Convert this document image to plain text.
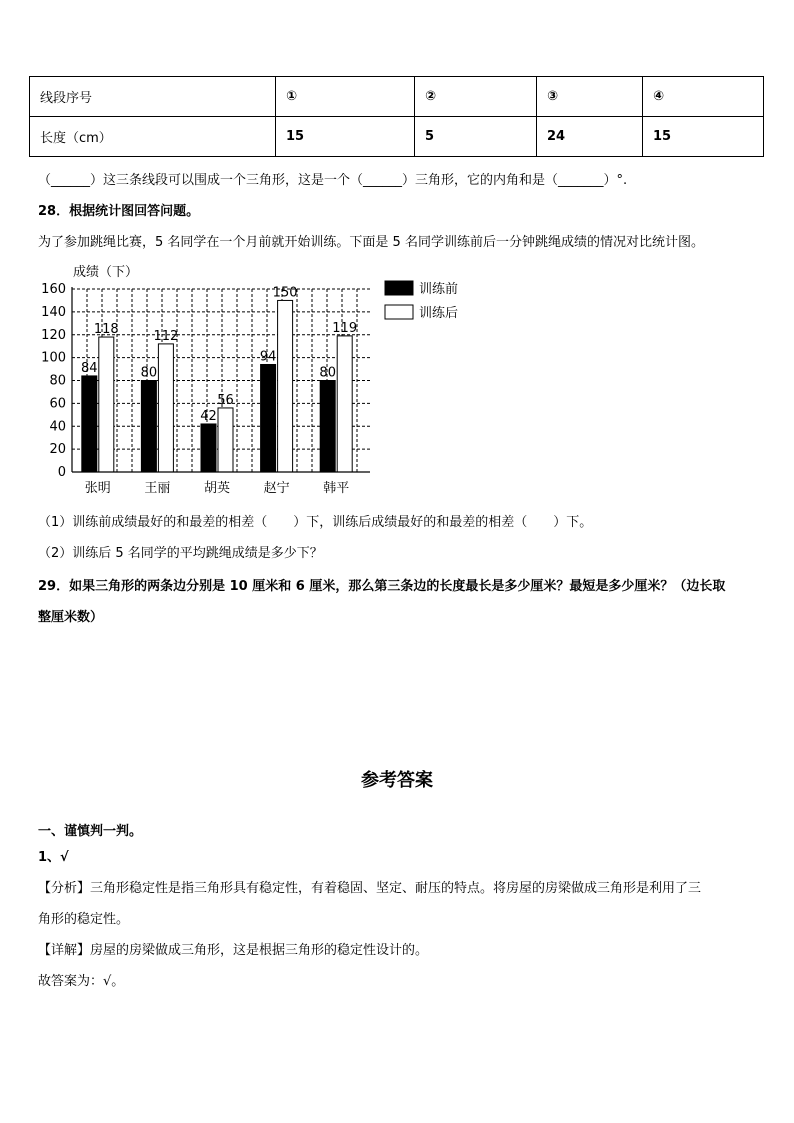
线段序号	①	②	③	④
长度（cm）	15	5	24	15
（______）这三条线段可以围成一个三角形，这是一个（______）三角形，它的内角和是（_______）°.
28．根据统计图回答问题。
为了参加跳绳比赛，5 名同学在一个月前就开始训练。下面是 5 名同学训练前后一分钟跳绳成绩的情况对比统计图。
0
20
40
60
80
100
120
140
160
成绩（下）
84
118
张明
80
112
王丽
42
56
胡英
94
150
赵宁
80
119
韩平
训练前
训练后
（1）训练前成绩最好的和最差的相差（　　）下，训练后成绩最好的和最差的相差（　　）下。
（2）训练后 5 名同学的平均跳绳成绩是多少下？
29．如果三角形的两条边分别是 10 厘米和 6 厘米，那么第三条边的长度最长是多少厘米？最短是多少厘米？（边长取
整厘米数）
参考答案
一、谨慎判一判。
1、√
【分析】三角形稳定性是指三角形具有稳定性，有着稳固、坚定、耐压的特点。将房屋的房梁做成三角形是利用了三
角形的稳定性。
【详解】房屋的房梁做成三角形，这是根据三角形的稳定性设计的。
故答案为：√。
